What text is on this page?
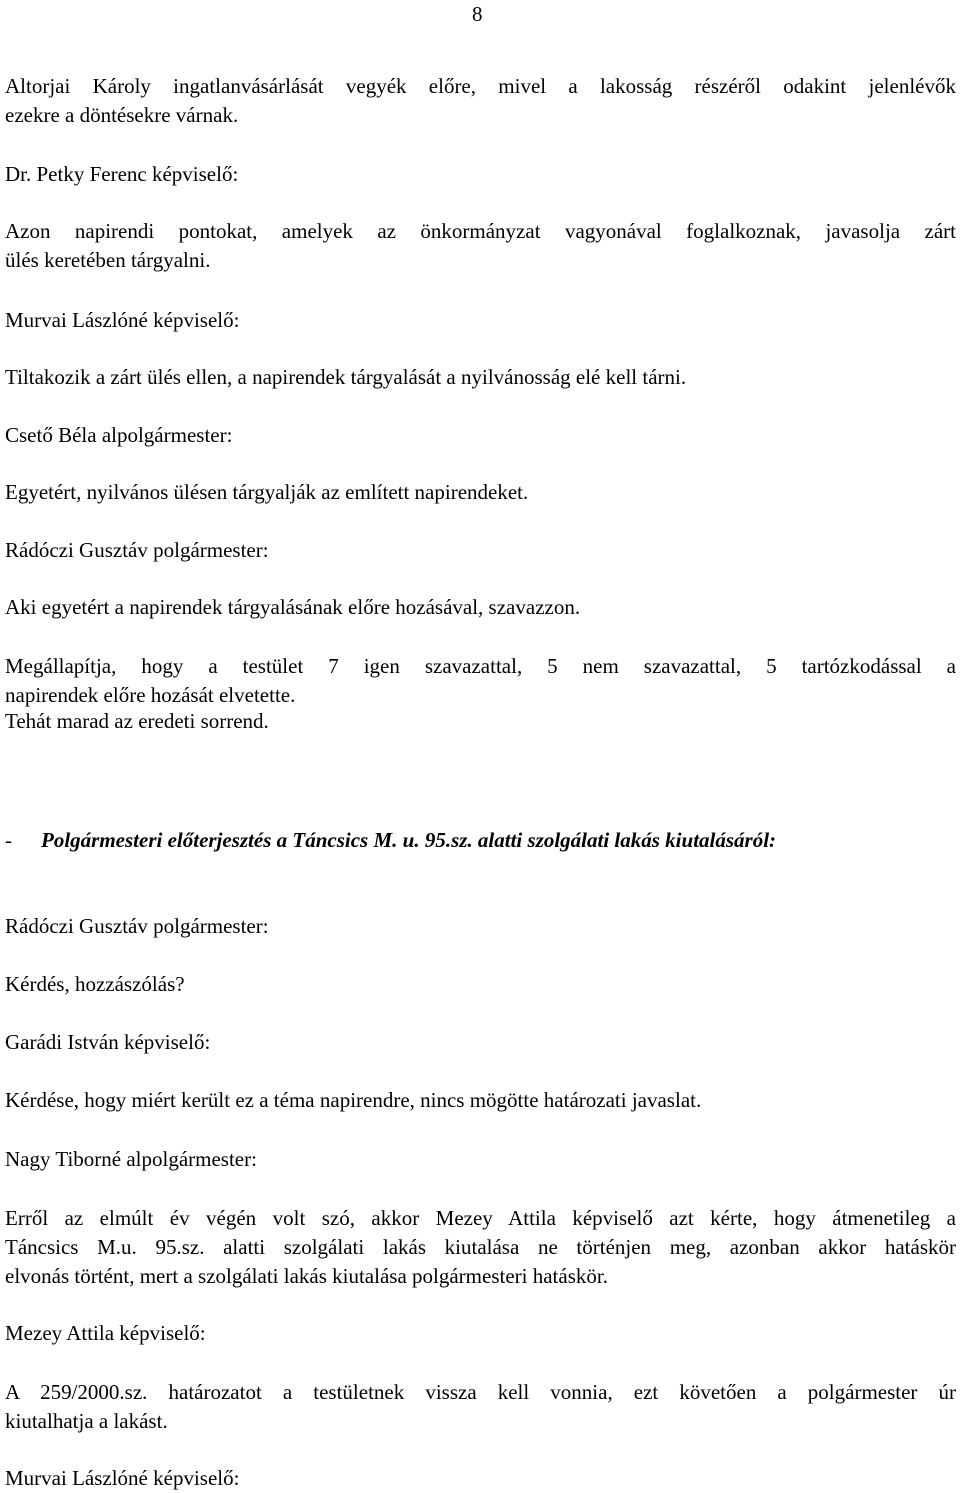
8
Altorjai Károly ingatlanvásárlását vegyék előre, mivel a lakosság részéről odakint jelenlévők
ezekre a döntésekre várnak.
Dr. Petky Ferenc képviselő:
Azon napirendi pontokat, amelyek az önkormányzat vagyonával foglalkoznak, javasolja zárt
ülés keretében tárgyalni.
Murvai Lászlóné képviselő:
Tiltakozik a zárt ülés ellen, a napirendek tárgyalását a nyilvánosság elé kell tárni.
Csető Béla alpolgármester:
Egyetért, nyilvános ülésen tárgyalják az említett napirendeket.
Rádóczi Gusztáv polgármester:
Aki egyetért a napirendek tárgyalásának előre hozásával, szavazzon.
Megállapítja, hogy a testület 7 igen szavazattal, 5 nem szavazattal, 5 tartózkodással a
napirendek előre hozását elvetette.
Tehát marad az eredeti sorrend.
- Polgármesteri előterjesztés a Táncsics M. u. 95.sz. alatti szolgálati lakás kiutalásáról:
Rádóczi Gusztáv polgármester:
Kérdés, hozzászólás?
Garádi István képviselő:
Kérdése, hogy miért került ez a téma napirendre, nincs mögötte határozati javaslat.
Nagy Tiborné alpolgármester:
Erről az elmúlt év végén volt szó, akkor Mezey Attila képviselő azt kérte, hogy átmenetileg a
Táncsics M.u. 95.sz. alatti szolgálati lakás kiutalása ne történjen meg, azonban akkor hatáskör
elvonás történt, mert a szolgálati lakás kiutalása polgármesteri hatáskör.
Mezey Attila képviselő:
A 259/2000.sz. határozatot a testületnek vissza kell vonnia, ezt követően a polgármester úr
kiutalhatja a lakást.
Murvai Lászlóné képviselő:
